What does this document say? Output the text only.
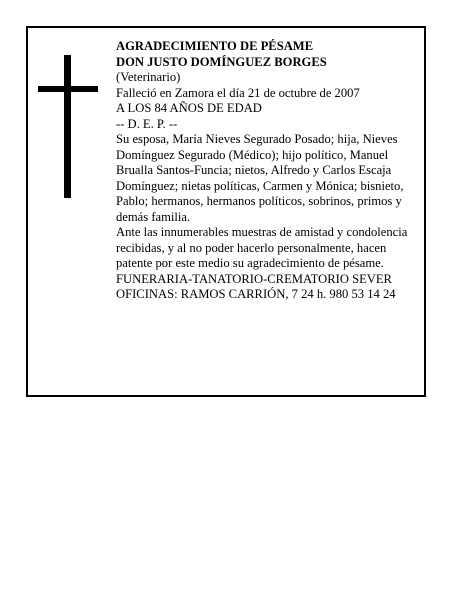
AGRADECIMIENTO DE PÉSAME

DON JUSTO DOMÍNGUEZ BORGES

(Veterinario)

Falleció en Zamora el día 21 de octubre de 2007

A LOS 84 AÑOS DE EDAD

-- D. E. P. --

Su esposa, María Nieves Segurado Posado; hija, Nieves Domínguez Segurado (Médico); hijo político, Manuel Bruallа Santos-Funcia; nietos, Alfredo y Carlos Escaja Domínguez; nietas políticas, Carmen y Mónica; bisnieto, Pablo; hermanos, hermanos políticos, sobrinos, primos y demás familia.

Ante las innumerables muestras de amistad y condolencia recibidas, y al no poder hacerlo personalmente, hacen patente por este medio su agradecimiento de pésame.

FUNERARIA-TANATORIO-CREMATORIO SEVER

OFICINAS: RAMOS CARRIÓN, 7 24 h. 980 53 14 24
